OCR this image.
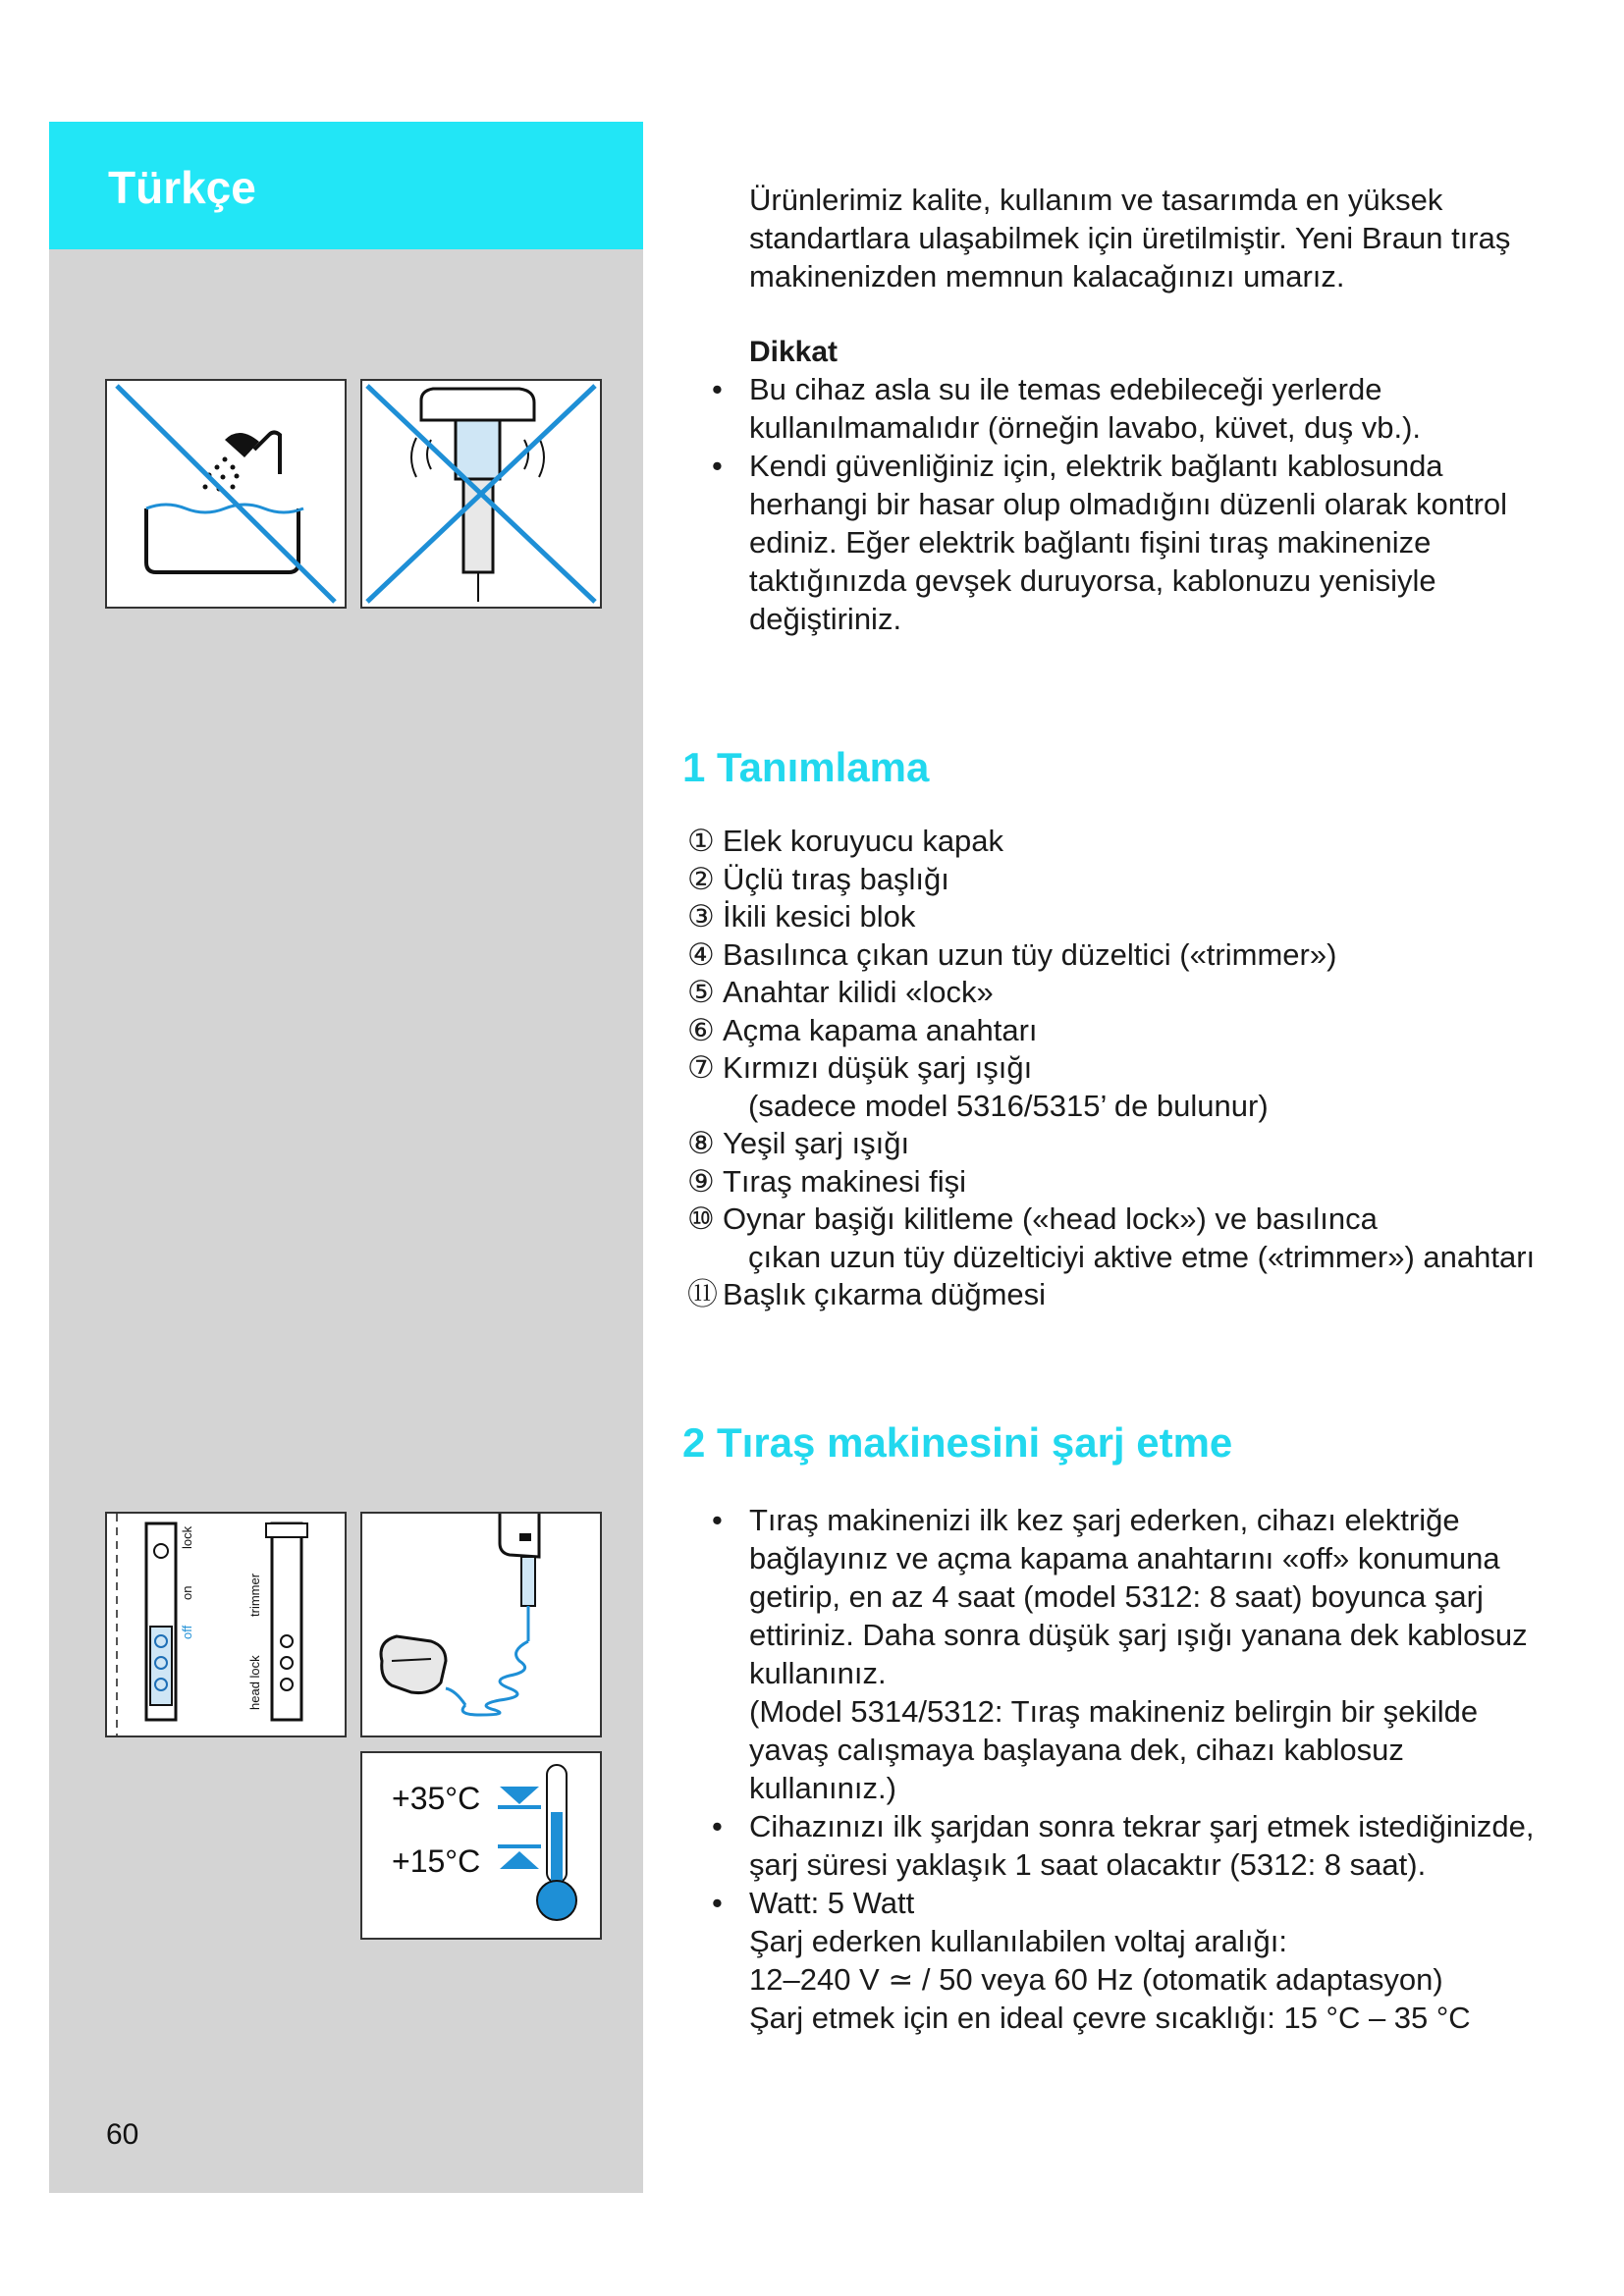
Türkçe
lock
on
off
head lock
trimmer
+35°C
+15°C
60

Ürünlerimiz kalite, kullanım ve tasarımda en yüksek standartlara ulaşabilmek için üretilmiştir. Yeni Braun tıraş makinenizden memnun kalacağınızı umarız.

Dikkat
• Bu cihaz asla su ile temas edebileceği yerlerde kullanılmamalıdır (örneğin lavabo, küvet, duş vb.).
• Kendi güvenliğiniz için, elektrik bağlantı kablosunda herhangi bir hasar olup olmadığını düzenli olarak kontrol ediniz. Eğer elektrik bağlantı fişini tıraş makinenize taktığınızda gevşek duruyorsa, kablonuzu yenisiyle değiştiriniz.
1 Tanımlama
① Elek koruyucu kapak
② Üçlü tıraş başlığı
③ İkili kesici blok
④ Basılınca çıkan uzun tüy düzeltici («trimmer»)
⑤ Anahtar kilidi «lock»
⑥ Açma kapama anahtarı
⑦ Kırmızı düşük şarj ışığı
(sadece model 5316/5315’ de bulunur)
⑧ Yeşil şarj ışığı
⑨ Tıraş makinesi fişi
⑩ Oynar başiğı kilitleme («head lock») ve basılınca
çıkan uzun tüy düzelticiyi aktive etme («trimmer») anahtarı
⑪ Başlık çıkarma düğmesi
2 Tıraş makinesini şarj etme
• Tıraş makinenizi ilk kez şarj ederken, cihazı elektriğe bağlayınız ve açma kapama anahtarını «off» konumuna getirip, en az 4 saat (model 5312: 8 saat) boyunca şarj ettiriniz. Daha sonra düşük şarj ışığı yanana dek kablosuz kullanınız.
(Model 5314/5312: Tıraş makineniz belirgin bir şekilde yavaş calışmaya başlayana dek, cihazı kablosuz kullanınız.)
• Cihazınızı ilk şarjdan sonra tekrar şarj etmek istediğinizde, şarj süresi yaklaşık 1 saat olacaktır (5312: 8 saat).
• Watt: 5 Watt
Şarj ederken kullanılabilen voltaj aralığı:
12–240 V ≃ / 50 veya 60 Hz (otomatik adaptasyon)
Şarj etmek için en ideal çevre sıcaklığı: 15 °C – 35 °C
